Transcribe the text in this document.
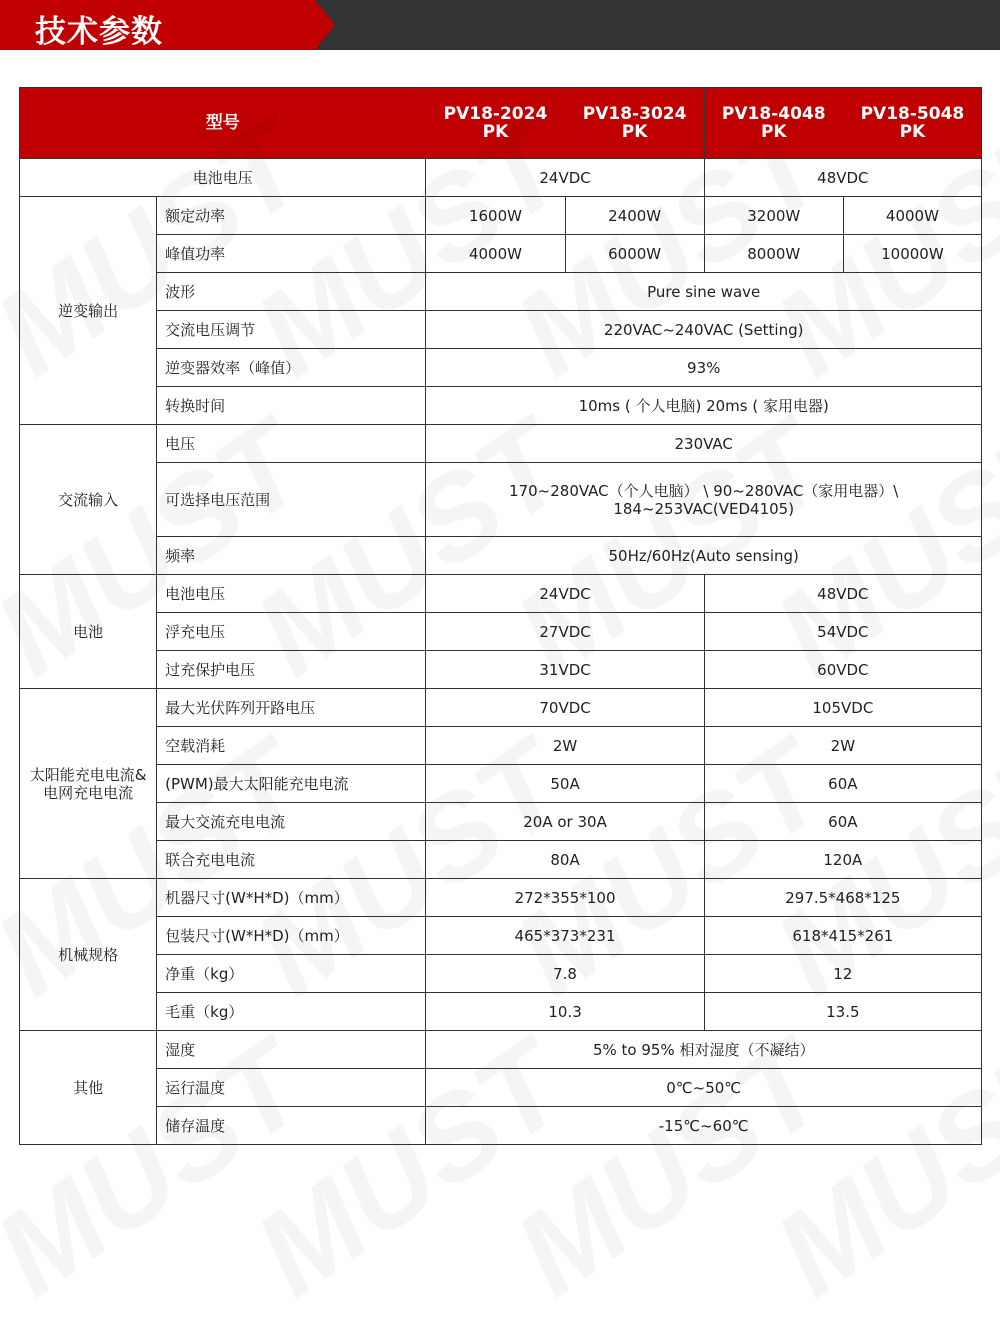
技术参数
型号		PV18-2024 PK	PV18-3024 PK	PV18-4048 PK	PV18-5048 PK
电池电压		24VDC		48VDC	
逆变输出	额定动率	1600W	2400W	3200W	4000W
	峰值功率	4000W	6000W	8000W	10000W
	波形	Pure sine wave			
	交流电压调节	220VAC~240VAC (Setting)			
	逆变器效率（峰值）	93%			
	转换时间	10ms ( 个人电脑) 20ms ( 家用电器)			
交流输入	电压	230VAC			
	可选择电压范围	170~280VAC（个人电脑） \ 90~280VAC（家用电器）\ 184~253VAC(VED4105)			
	频率	50Hz/60Hz(Auto sensing)			
电池	电池电压	24VDC		48VDC	
	浮充电压	27VDC		54VDC	
	过充保护电压	31VDC		60VDC	
太阳能充电电流&电网充电电流	最大光伏阵列开路电压	70VDC		105VDC	
	空载消耗	2W		2W	
	(PWM)最大太阳能充电电流	50A		60A	
	最大交流充电电流	20A or 30A		60A	
	联合充电电流	80A		120A	
机械规格	机器尺寸(W*H*D)（mm）	272*355*100		297.5*468*125	
	包装尺寸(W*H*D)（mm）	465*373*231		618*415*261	
	净重（kg）	7.8		12	
	毛重（kg）	10.3		13.5	
其他	湿度	5% to 95% 相对湿度（不凝结）			
	运行温度	0℃~50℃			
	储存温度	-15℃~60℃			
